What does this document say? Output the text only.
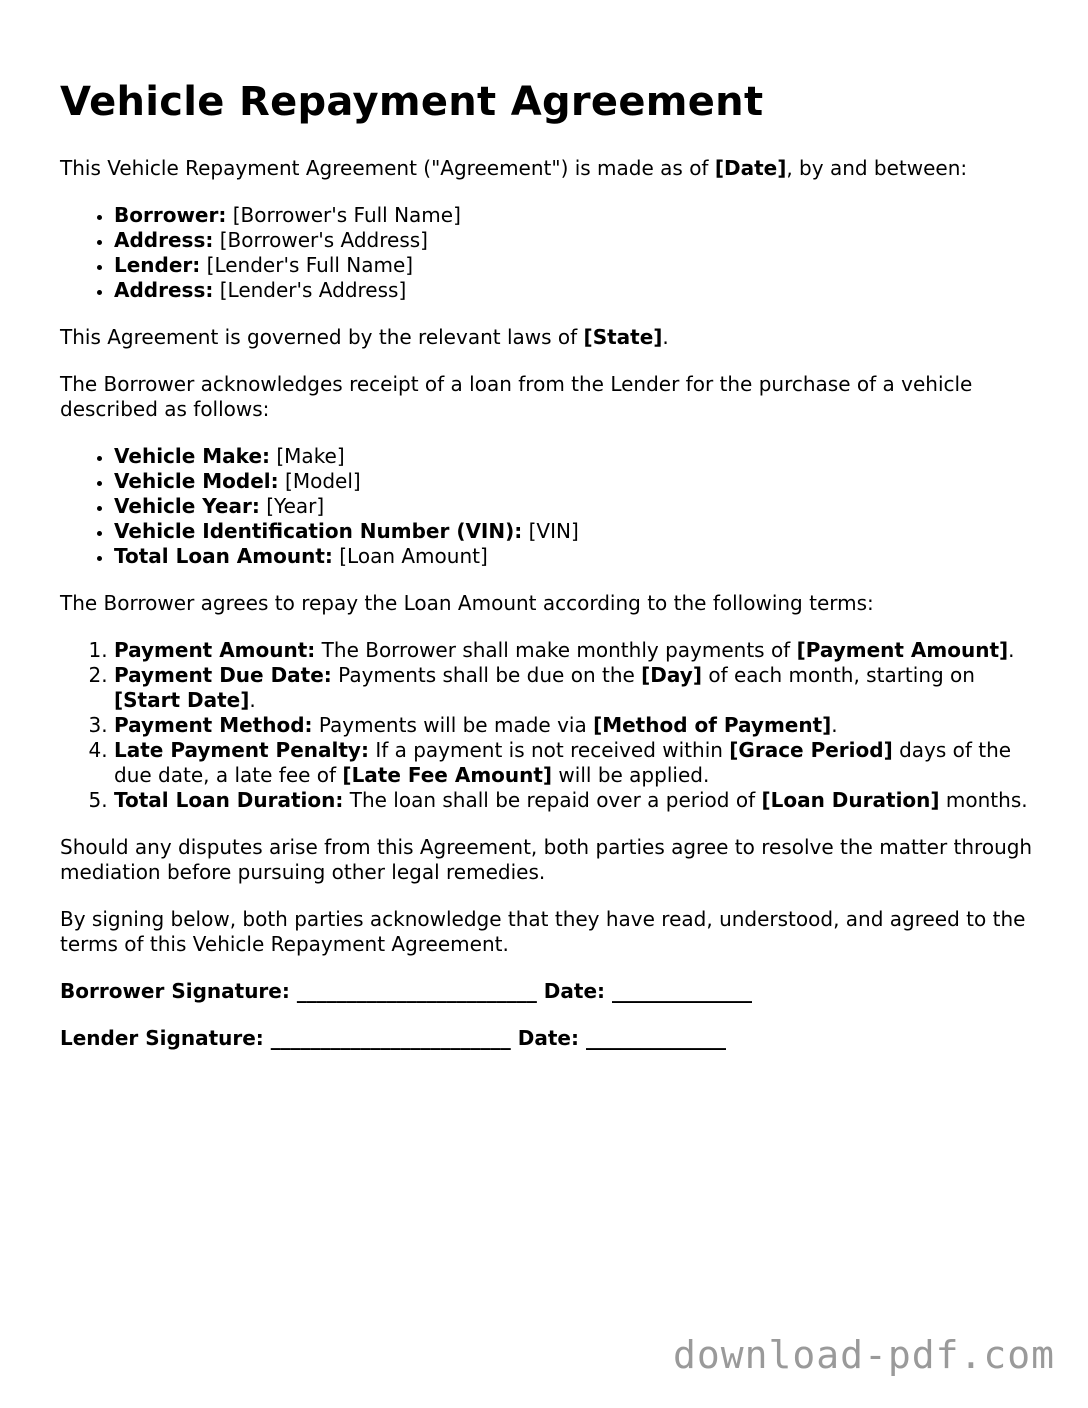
Vehicle Repayment Agreement

This Vehicle Repayment Agreement ("Agreement") is made as of [Date], by and between:

• Borrower: [Borrower's Full Name]
• Address: [Borrower's Address]
• Lender: [Lender's Full Name]
• Address: [Lender's Address]

This Agreement is governed by the relevant laws of [State].

The Borrower acknowledges receipt of a loan from the Lender for the purchase of a vehicle described as follows:

• Vehicle Make: [Make]
• Vehicle Model: [Model]
• Vehicle Year: [Year]
• Vehicle Identification Number (VIN): [VIN]
• Total Loan Amount: [Loan Amount]

The Borrower agrees to repay the Loan Amount according to the following terms:

1. Payment Amount: The Borrower shall make monthly payments of [Payment Amount].
2. Payment Due Date: Payments shall be due on the [Day] of each month, starting on [Start Date].
3. Payment Method: Payments will be made via [Method of Payment].
4. Late Payment Penalty: If a payment is not received within [Grace Period] days of the due date, a late fee of [Late Fee Amount] will be applied.
5. Total Loan Duration: The loan shall be repaid over a period of [Loan Duration] months.

Should any disputes arise from this Agreement, both parties agree to resolve the matter through mediation before pursuing other legal remedies.

By signing below, both parties acknowledge that they have read, understood, and agreed to the terms of this Vehicle Repayment Agreement.

Borrower Signature: ________________________ Date: ______________

Lender Signature: ________________________ Date: ______________

download-pdf.com
